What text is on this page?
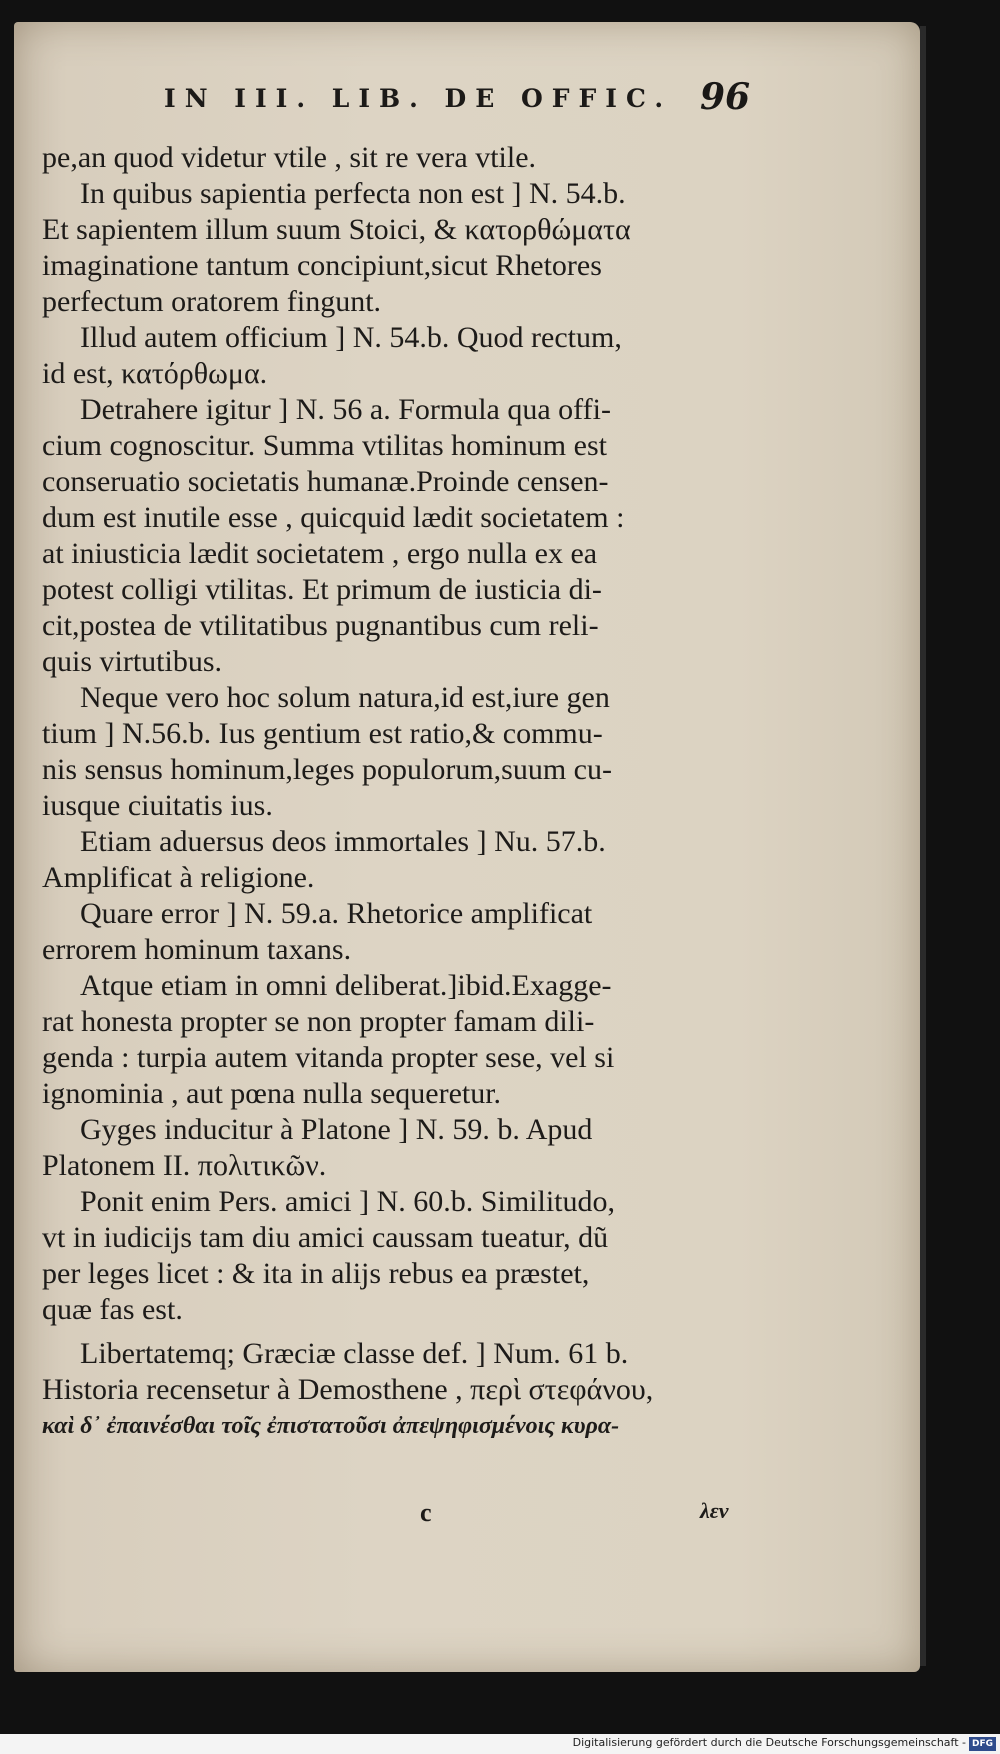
IN III. LIB. DE OFFIC. 96
pe,an quod videtur vtile , sit re vera vtile.
In quibus sapientia perfecta non est ] N. 54.b.
Et sapientem illum suum Stoici, & κατορθώματα
imaginatione tantum concipiunt,sicut Rhetores
perfectum oratorem fingunt.
Illud autem officium ] N. 54.b. Quod rectum,
id est, κατόρθωμα.
Detrahere igitur ] N. 56 a. Formula qua offi-
cium cognoscitur. Summa vtilitas hominum est
conseruatio societatis humanæ.Proinde censen-
dum est inutile esse , quicquid lædit societatem :
at iniusticia lædit societatem , ergo nulla ex ea
potest colligi vtilitas. Et primum de iusticia di-
cit,postea de vtilitatibus pugnantibus cum reli-
quis virtutibus.
Neque vero hoc solum natura,id est,iure gen
tium ] N.56.b. Ius gentium est ratio,& commu-
nis sensus hominum,leges populorum,suum cu-
iusque ciuitatis ius.
Etiam aduersus deos immortales ] Nu. 57.b.
Amplificat à religione.
Quare error ] N. 59.a. Rhetorice amplificat
errorem hominum taxans.
Atque etiam in omni deliberat.]ibid.Exagge-
rat honesta propter se non propter famam dili-
genda : turpia autem vitanda propter sese, vel si
ignominia , aut pœna nulla sequeretur.
Gyges inducitur à Platone ] N. 59. b. Apud
Platonem II. πολιτικῶν.
Ponit enim Pers. amici ] N. 60.b. Similitudo,
vt in iudicijs tam diu amici caussam tueatur, dũ
per leges licet : & ita in alijs rebus ea præstet,
quæ fas est.
Libertatemq; Græciæ classe def. ] Num. 61 b.
Historia recensetur à Demosthene , περὶ στεφάνου,
καὶ δ᾽ ἐπαινέσθαι τοῖς ἐπιστατοῦσι ἀπεψηφισμένοις κυρα-
c	λεν
Digitalisierung gefördert durch die Deutsche Forschungsgemeinschaft - DFG
